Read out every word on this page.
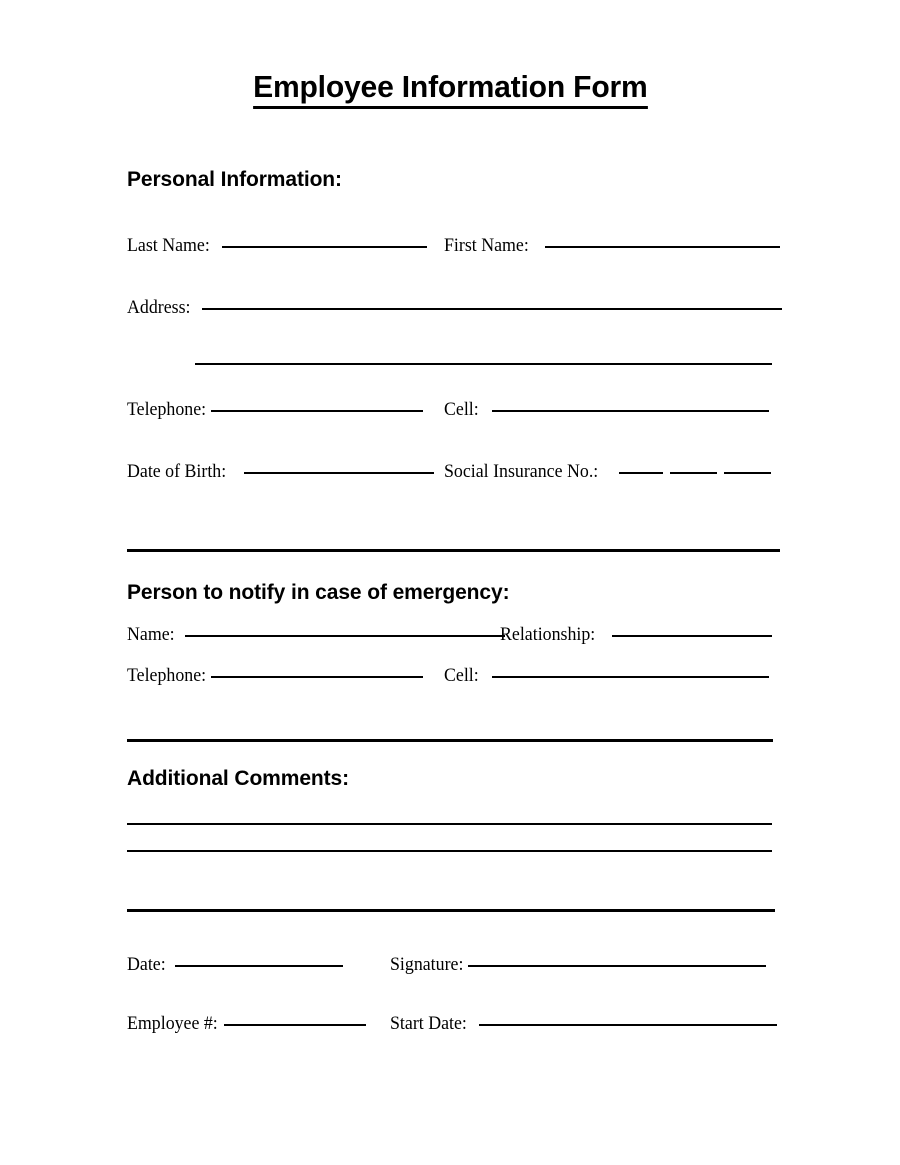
Employee Information Form
Personal Information:
Last Name:	First Name:
Address:
Telephone:	Cell:
Date of Birth:	Social Insurance No.:
Person to notify in case of emergency:
Name:	Relationship:
Telephone:	Cell:
Additional Comments:
Date:	Signature:
Employee #:	Start Date:
